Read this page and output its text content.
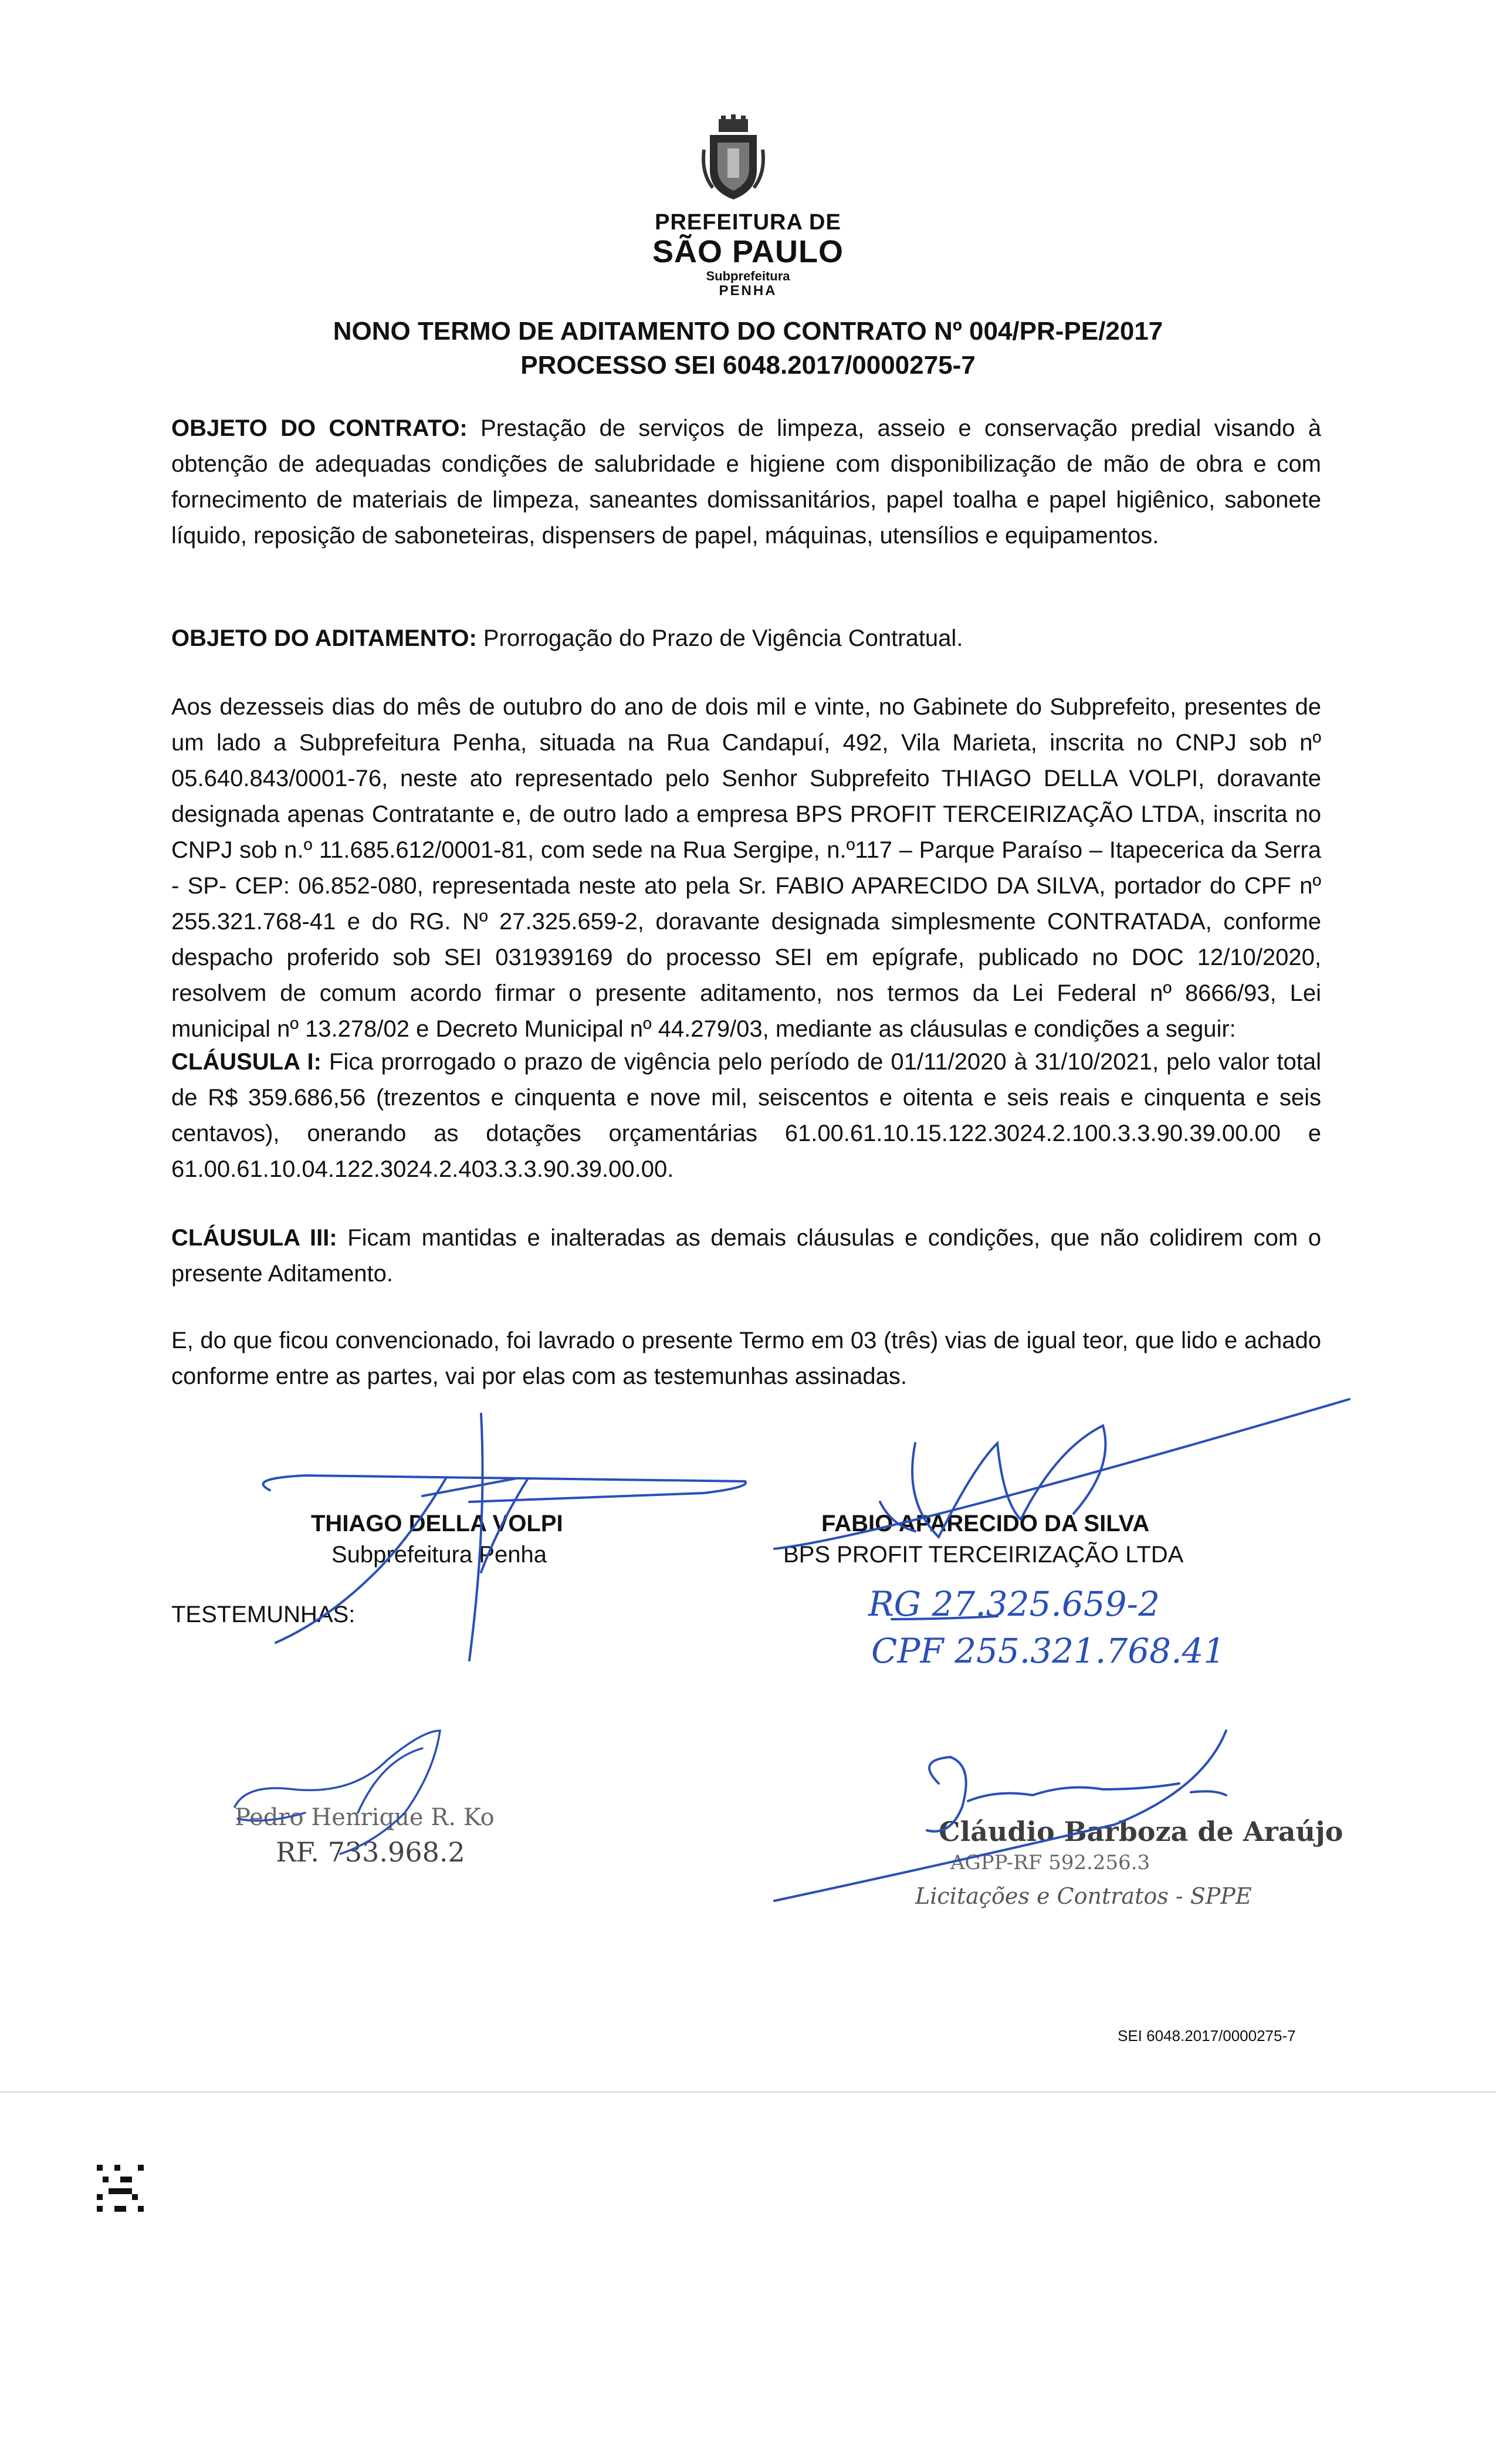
PREFEITURA DE
SÃO PAULO
Subprefeitura
PENHA
NONO TERMO DE ADITAMENTO DO CONTRATO Nº 004/PR-PE/2017
PROCESSO SEI 6048.2017/0000275-7

OBJETO DO CONTRATO: Prestação de serviços de limpeza, asseio e conservação predial visando à obtenção de adequadas condições de salubridade e higiene com disponibilização de mão de obra e com fornecimento de materiais de limpeza, saneantes domissanitários, papel toalha e papel higiênico, sabonete líquido, reposição de saboneteiras, dispensers de papel, máquinas, utensílios e equipamentos.

OBJETO DO ADITAMENTO: Prorrogação do Prazo de Vigência Contratual.

Aos dezesseis dias do mês de outubro do ano de dois mil e vinte, no Gabinete do Subprefeito, presentes de um lado a Subprefeitura Penha, situada na Rua Candapuí, 492, Vila Marieta, inscrita no CNPJ sob nº 05.640.843/0001-76, neste ato representado pelo Senhor Subprefeito THIAGO DELLA VOLPI, doravante designada apenas Contratante e, de outro lado a empresa BPS PROFIT TERCEIRIZAÇÃO LTDA, inscrita no CNPJ sob n.º 11.685.612/0001-81, com sede na Rua Sergipe, n.º117 – Parque Paraíso – Itapecerica da Serra - SP- CEP: 06.852-080, representada neste ato pela Sr. FABIO APARECIDO DA SILVA, portador do CPF nº 255.321.768-41 e do RG. Nº 27.325.659-2, doravante designada simplesmente CONTRATADA, conforme despacho proferido sob SEI 031939169 do processo SEI em epígrafe, publicado no DOC 12/10/2020, resolvem de comum acordo firmar o presente aditamento, nos termos da Lei Federal nº 8666/93, Lei municipal nº 13.278/02 e Decreto Municipal nº 44.279/03, mediante as cláusulas e condições a seguir:

CLÁUSULA I: Fica prorrogado o prazo de vigência pelo período de 01/11/2020 à 31/10/2021, pelo valor total de R$ 359.686,56 (trezentos e cinquenta e nove mil, seiscentos e oitenta e seis reais e cinquenta e seis centavos), onerando as dotações orçamentárias 61.00.61.10.15.122.3024.2.100.3.3.90.39.00.00 e 61.00.61.10.04.122.3024.2.403.3.3.90.39.00.00.

CLÁUSULA III: Ficam mantidas e inalteradas as demais cláusulas e condições, que não colidirem com o presente Aditamento.

E, do que ficou convencionado, foi lavrado o presente Termo em 03 (três) vias de igual teor, que lido e achado conforme entre as partes, vai por elas com as testemunhas assinadas.

THIAGO DELLA VOLPI
Subprefeitura Penha
FABIO APARECIDO DA SILVA
BPS PROFIT TERCEIRIZAÇÃO LTDA
TESTEMUNHAS:	RG 27.325.659-2
CPF 255.321.768.41
Pedro Henrique R. Ko
RF. 733.968.2
Cláudio Barboza de Araújo
AGPP-RF 592.256.3
Licitações e Contratos - SPPE
SEI 6048.2017/0000275-7
